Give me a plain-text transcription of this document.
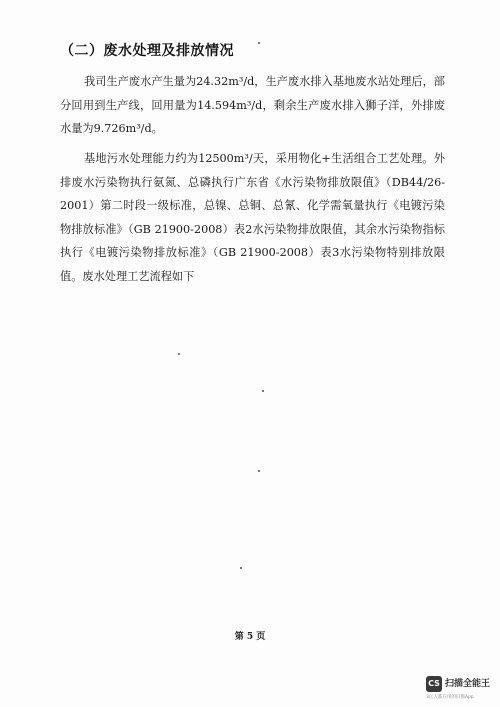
（二）废水处理及排放情况
我司生产废水产生量为24.32m³/d，生产废水排入基地废水站处理后，部分回用到生产线，回用量为14.594m³/d，剩余生产废水排入狮子洋，外排废水量为9.726m³/d。
基地污水处理能力约为12500m³/天，采用物化+生活组合工艺处理。外排废水污染物执行氨氮、总磷执行广东省《水污染物排放限值》（DB44/26-2001）第二时段一级标准，总镍、总铜、总氰、化学需氧量执行《电镀污染物排放标准》（GB 21900-2008）表2水污染物排放限值，其余水污染物指标执行《电镀污染物排放标准》（GB 21900-2008）表3水污染物特别排放限值。废水处理工艺流程如下
第 5 页
CS 扫描全能王
3亿人都在用的扫描App
